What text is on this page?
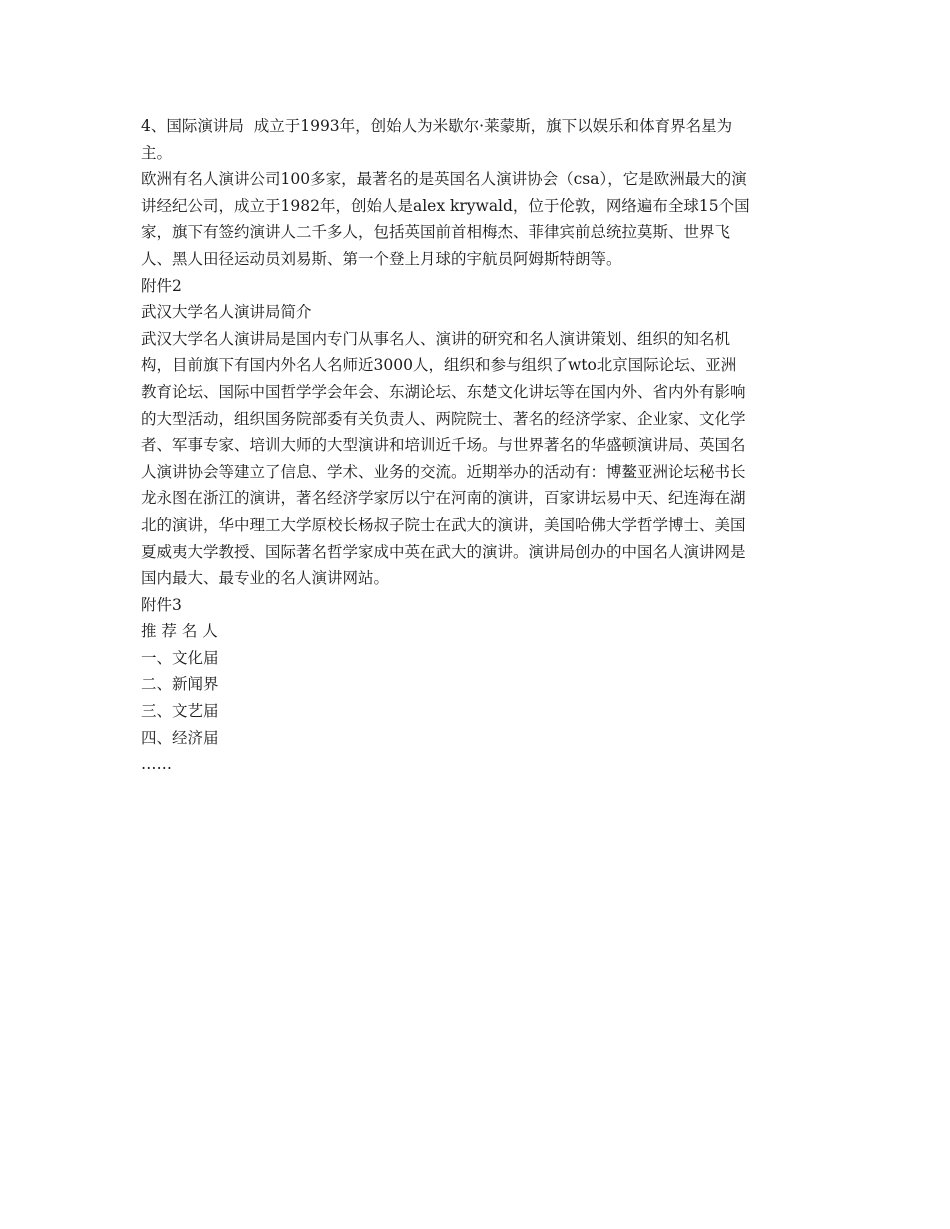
4、国际演讲局  成立于1993年，创始人为米歇尔·莱蒙斯，旗下以娱乐和体育界名星为
主。

欧洲有名人演讲公司100多家，最著名的是英国名人演讲协会（csa），它是欧洲最大的演
讲经纪公司，成立于1982年，创始人是alex krywald，位于伦敦，网络遍布全球15个国
家，旗下有签约演讲人二千多人，包括英国前首相梅杰、菲律宾前总统拉莫斯、世界飞
人、黑人田径运动员刘易斯、第一个登上月球的宇航员阿姆斯特朗等。

附件2

武汉大学名人演讲局简介

武汉大学名人演讲局是国内专门从事名人、演讲的研究和名人演讲策划、组织的知名机
构，目前旗下有国内外名人名师近3000人，组织和参与组织了wto北京国际论坛、亚洲
教育论坛、国际中国哲学学会年会、东湖论坛、东楚文化讲坛等在国内外、省内外有影响
的大型活动，组织国务院部委有关负责人、两院院士、著名的经济学家、企业家、文化学
者、军事专家、培训大师的大型演讲和培训近千场。与世界著名的华盛顿演讲局、英国名
人演讲协会等建立了信息、学术、业务的交流。近期举办的活动有：博鳌亚洲论坛秘书长
龙永图在浙江的演讲，著名经济学家厉以宁在河南的演讲，百家讲坛易中天、纪连海在湖
北的演讲，华中理工大学原校长杨叔子院士在武大的演讲，美国哈佛大学哲学博士、美国
夏威夷大学教授、国际著名哲学家成中英在武大的演讲。演讲局创办的中国名人演讲网是
国内最大、最专业的名人演讲网站。

附件3

推 荐 名 人

一、文化届

二、新闻界

三、文艺届

四、经济届

……
